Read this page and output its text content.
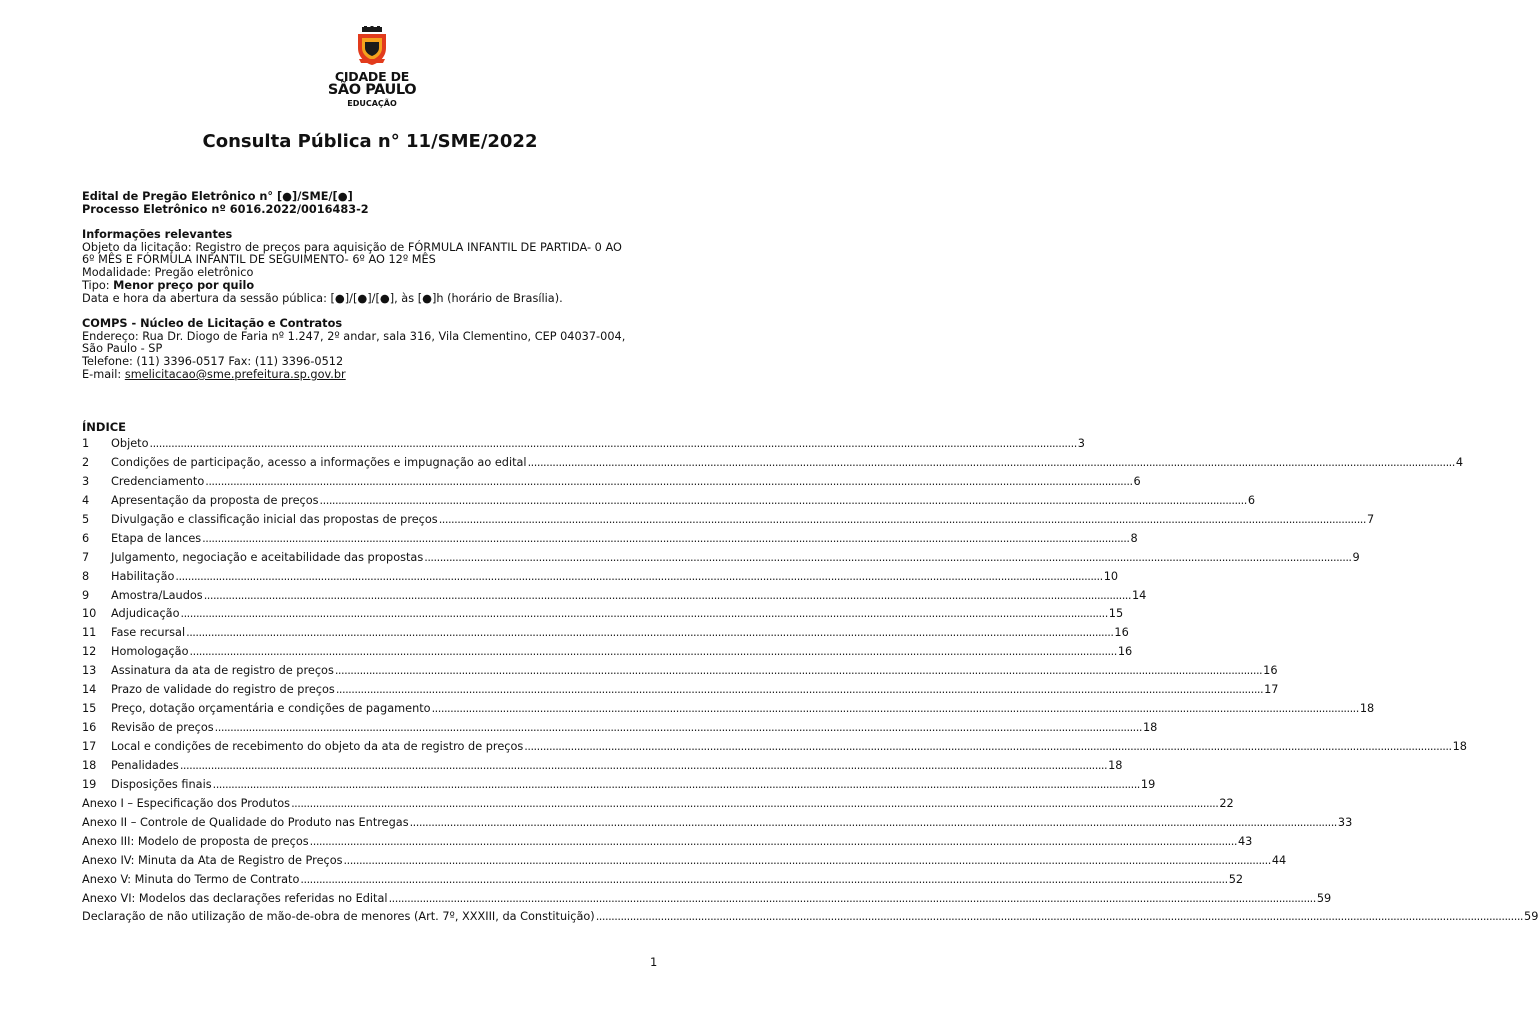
CIDADE DE
SÃO PAULO
EDUCAÇÃO
Consulta Pública n° 11/SME/2022
Edital de Pregão Eletrônico n° [●]/SME/[●]
Processo Eletrônico nº 6016.2022/0016483-2
Informações relevantes
Objeto da licitação: Registro de preços para aquisição de FÓRMULA INFANTIL DE PARTIDA- 0 AO
6º MÊS E FÓRMULA INFANTIL DE SEGUIMENTO- 6º AO 12º MÊS
Modalidade: Pregão eletrônico
Tipo: Menor preço por quilo
Data e hora da abertura da sessão pública: [●]/[●]/[●], às [●]h (horário de Brasília).
COMPS - Núcleo de Licitação e Contratos
Endereço: Rua Dr. Diogo de Faria nº 1.247, 2º andar, sala 316, Vila Clementino, CEP 04037-004,
São Paulo - SP
Telefone: (11) 3396-0517 Fax: (11) 3396-0512
E-mail: smelicitacao@sme.prefeitura.sp.gov.br
ÍNDICE
1	Objeto ............................................................................................................................................................................................................................................................................................................ 3
2	Condições de participação, acesso a informações e impugnação ao edital ............................................................................................................................................................................................................................................................................................................ 4
3	Credenciamento ............................................................................................................................................................................................................................................................................................................ 6
4	Apresentação da proposta de preços ............................................................................................................................................................................................................................................................................................................ 6
5	Divulgação e classificação inicial das propostas de preços ............................................................................................................................................................................................................................................................................................................ 7
6	Etapa de lances ............................................................................................................................................................................................................................................................................................................ 8
7	Julgamento, negociação e aceitabilidade das propostas ............................................................................................................................................................................................................................................................................................................ 9
8	Habilitação ............................................................................................................................................................................................................................................................................................................ 10
9	Amostra/Laudos ............................................................................................................................................................................................................................................................................................................ 14
10	Adjudicação ............................................................................................................................................................................................................................................................................................................ 15
11	Fase recursal ............................................................................................................................................................................................................................................................................................................ 16
12	Homologação ............................................................................................................................................................................................................................................................................................................ 16
13	Assinatura da ata de registro de preços ............................................................................................................................................................................................................................................................................................................ 16
14	Prazo de validade do registro de preços ............................................................................................................................................................................................................................................................................................................ 17
15	Preço, dotação orçamentária e condições de pagamento ............................................................................................................................................................................................................................................................................................................ 18
16	Revisão de preços ............................................................................................................................................................................................................................................................................................................ 18
17	Local e condições de recebimento do objeto da ata de registro de preços ............................................................................................................................................................................................................................................................................................................ 18
18	Penalidades ............................................................................................................................................................................................................................................................................................................ 18
19	Disposições finais ............................................................................................................................................................................................................................................................................................................ 19
Anexo I – Especificação dos Produtos ............................................................................................................................................................................................................................................................................................................ 22
Anexo II – Controle de Qualidade do Produto nas Entregas ............................................................................................................................................................................................................................................................................................................ 33
Anexo III: Modelo de proposta de preços ............................................................................................................................................................................................................................................................................................................ 43
Anexo IV: Minuta da Ata de Registro de Preços ............................................................................................................................................................................................................................................................................................................ 44
Anexo V: Minuta do Termo de Contrato ............................................................................................................................................................................................................................................................................................................ 52
Anexo VI: Modelos das declarações referidas no Edital ............................................................................................................................................................................................................................................................................................................ 59
Declaração de não utilização de mão-de-obra de menores (Art. 7º, XXXIII, da Constituição) ............................................................................................................................................................................................................................................................................................................ 59
1
